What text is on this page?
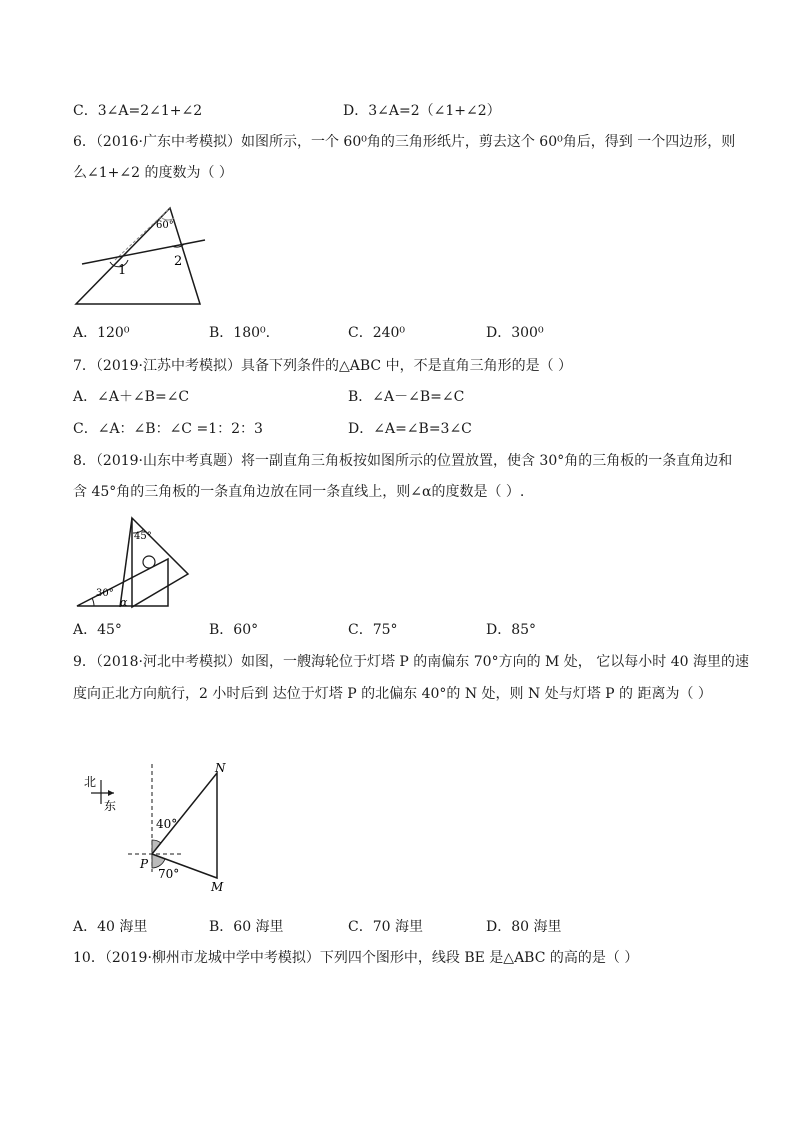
C．3∠A=2∠1+∠2	D．3∠A=2（∠1+∠2）
6．（2016·广东中考模拟）如图所示，一个 60⁰角的三角形纸片，剪去这个 60⁰角后，得到 一个四边形，则
么∠1+∠2 的度数为（ ）
60°
1
2
A．120⁰	B．180⁰.	C．240⁰	D．300⁰
7．（2019·江苏中考模拟）具备下列条件的△ABC 中，不是直角三角形的是（ ）
A．∠A＋∠B=∠C	B．∠A－∠B=∠C
C．∠A：∠B：∠C =1：2：3	D．∠A=∠B=3∠C
8．（2019·山东中考真题）将一副直角三角板按如图所示的位置放置，使含 30°角的三角板的一条直角边和
含 45°角的三角板的一条直角边放在同一条直线上，则∠α的度数是（ ）.
45°
30°
α
A．45°	B．60°	C．75°	D．85°
9．（2018·河北中考模拟）如图，一艘海轮位于灯塔 P 的南偏东 70°方向的 M 处， 它以每小时 40 海里的速
度向正北方向航行，2 小时后到 达位于灯塔 P 的北偏东 40°的 N 处，则 N 处与灯塔 P 的 距离为（ ）
北
东
N
P
M
40°
70°
A．40 海里	B．60 海里	C．70 海里	D．80 海里
10．（2019·柳州市龙城中学中考模拟）下列四个图形中，线段 BE 是△ABC 的高的是（ ）
